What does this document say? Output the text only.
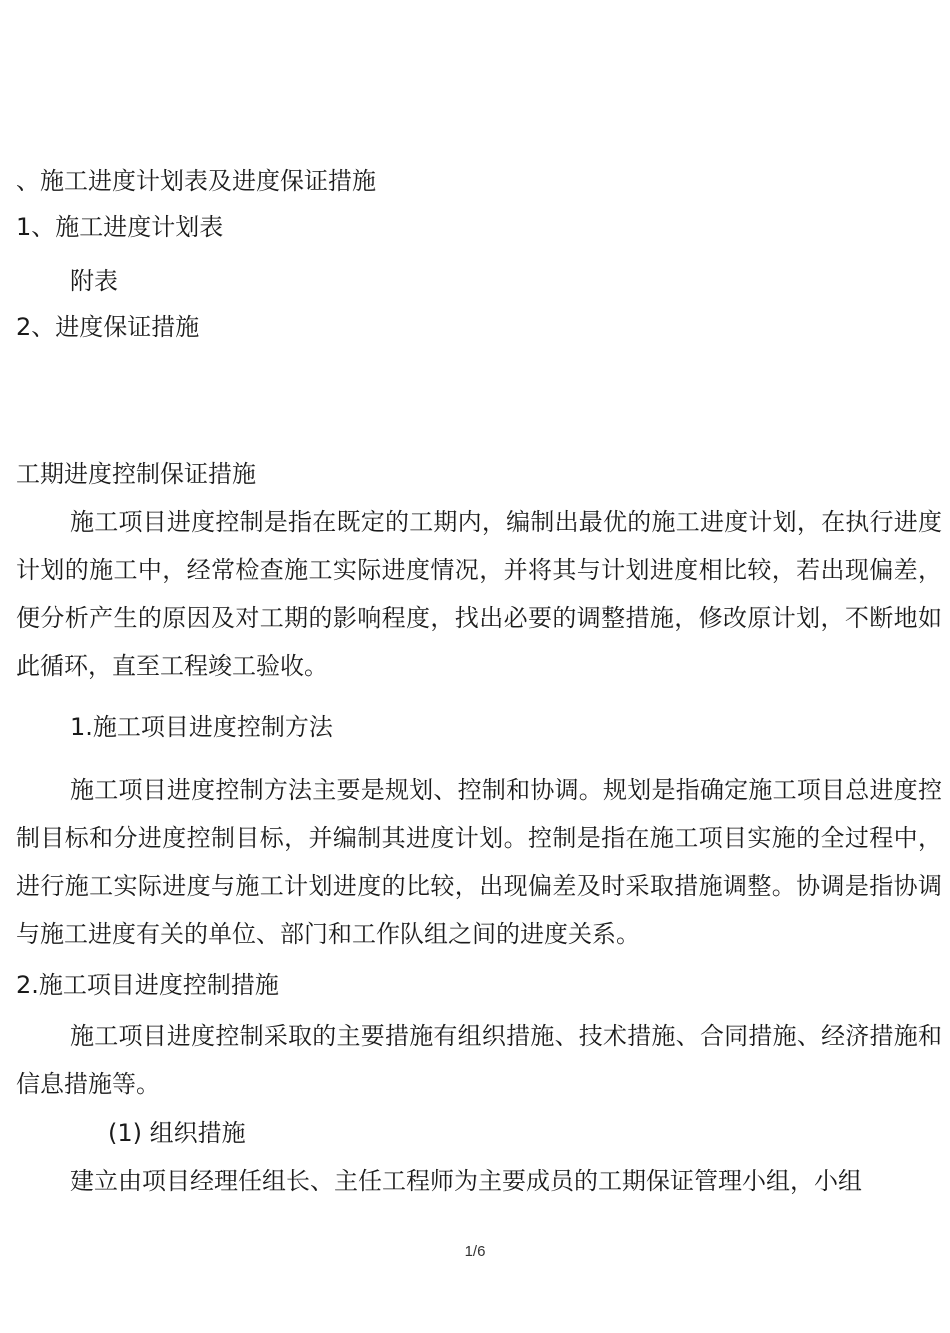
、施工进度计划表及进度保证措施
1、施工进度计划表
附表
2、进度保证措施
工期进度控制保证措施
施工项目进度控制是指在既定的工期内，编制出最优的施工进度计划，在执行进度计划的施工中，经常检查施工实际进度情况，并将其与计划进度相比较，若出现偏差，便分析产生的原因及对工期的影响程度，找出必要的调整措施，修改原计划，不断地如此循环，直至工程竣工验收。
1.施工项目进度控制方法
施工项目进度控制方法主要是规划、控制和协调。规划是指确定施工项目总进度控制目标和分进度控制目标，并编制其进度计划。控制是指在施工项目实施的全过程中，进行施工实际进度与施工计划进度的比较，出现偏差及时采取措施调整。协调是指协调与施工进度有关的单位、部门和工作队组之间的进度关系。
2.施工项目进度控制措施
施工项目进度控制采取的主要措施有组织措施、技术措施、合同措施、经济措施和信息措施等。
(1) 组织措施
建立由项目经理任组长、主任工程师为主要成员的工期保证管理小组，小组
1/6
